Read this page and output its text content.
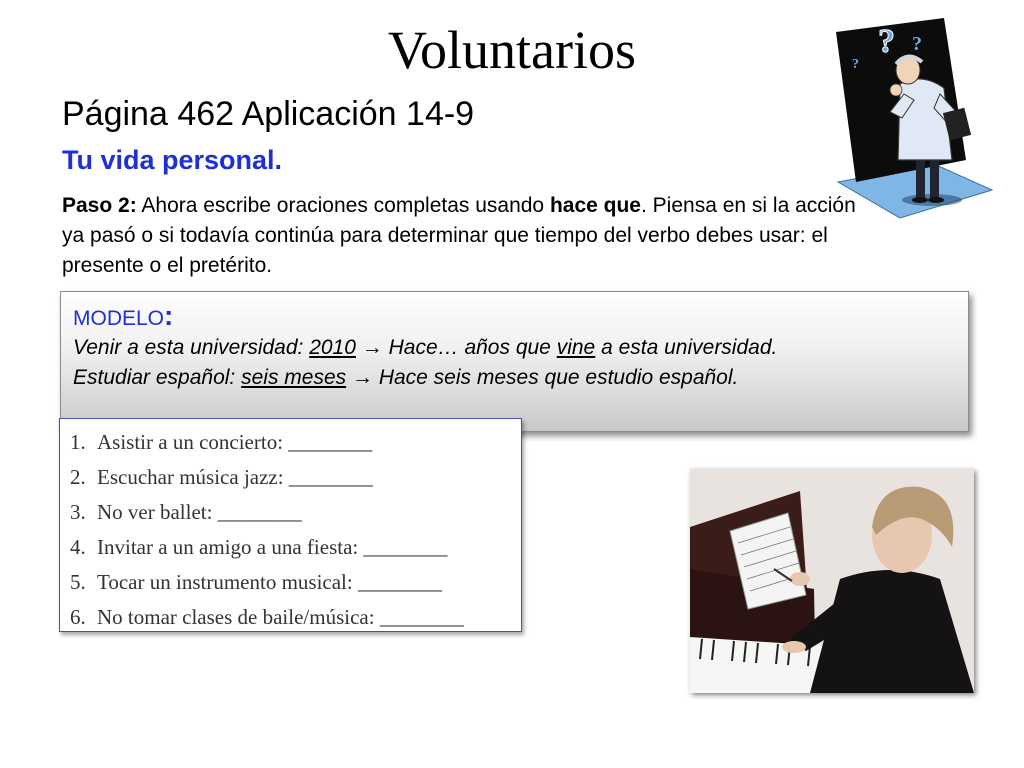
Voluntarios
Página 462 Aplicación 14-9
Tu vida personal.
Paso 2: Ahora escribe oraciones completas usando hace que. Piensa en si la acción ya pasó o si todavía continúa para determinar que tiempo del verbo debes usar: el presente o el pretérito.
MODELO:
Venir a esta universidad: 2010 → Hace… años que vine a esta universidad.
Estudiar español: seis meses → Hace seis meses que estudio español.
1. Asistir a un concierto: ________
2. Escuchar música jazz: ________
3. No ver ballet: ________
4. Invitar a un amigo a una fiesta: ________
5. Tocar un instrumento musical: ________
6. No tomar clases de baile/música: ________
? ?
?
